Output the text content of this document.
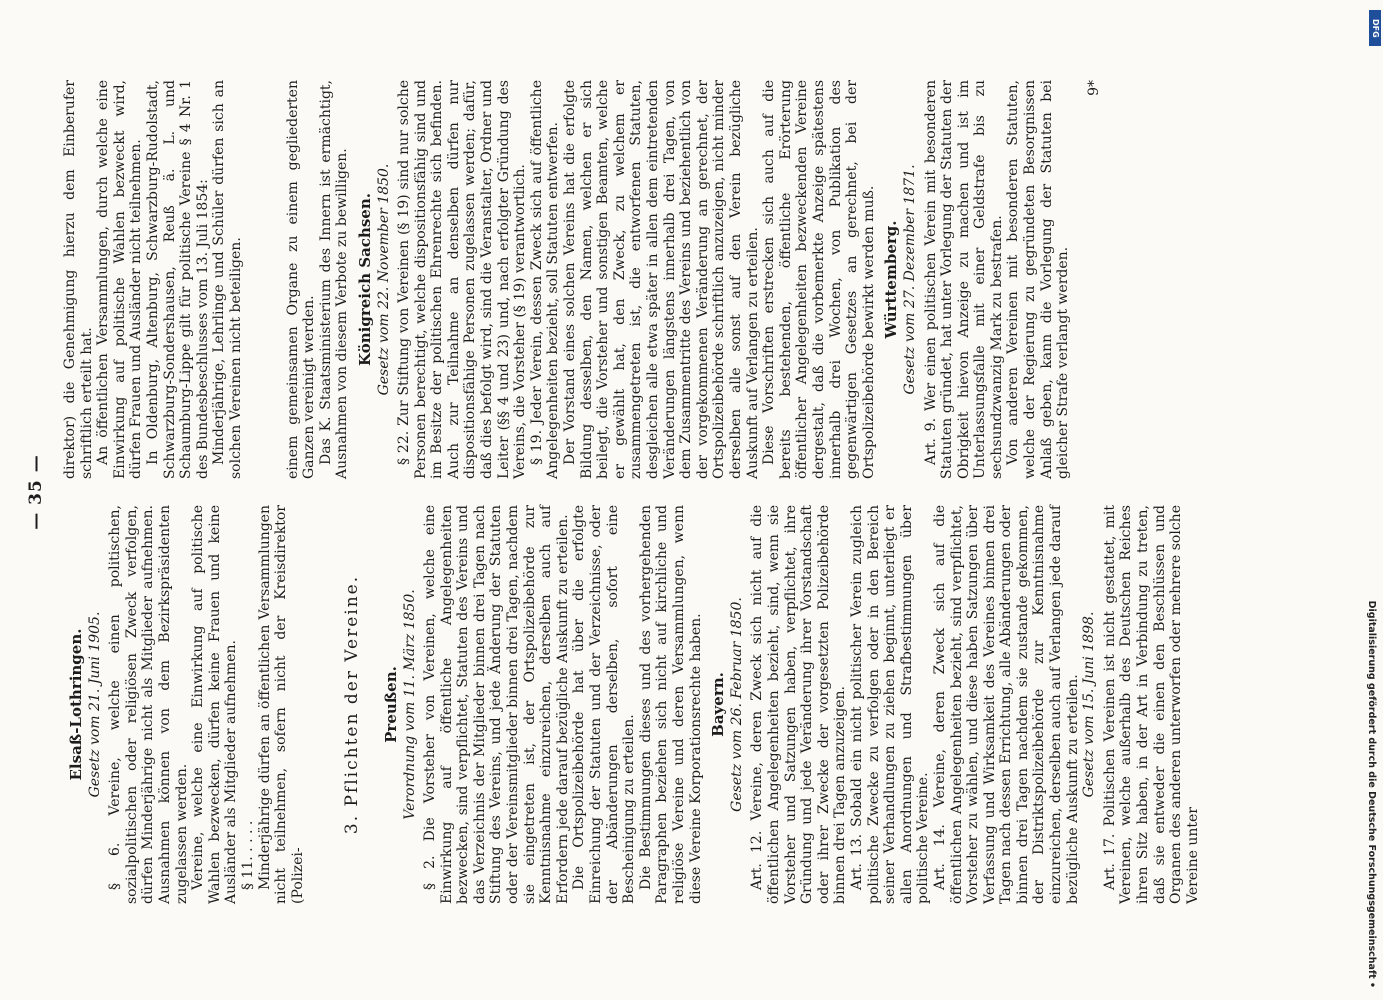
— 35 —
Elsaß-Lothringen. Gesetz vom 21. Juni 1905. § 6. Vereine, welche einen politischen, sozialpolitischen oder religiösen Zweck verfolgen, dürfen Minderjährige nicht als Mitglieder aufnehmen. Ausnahmen können von dem Bezirkspräsidenten zugelassen werden. Vereine, welche eine Einwirkung auf politische Wahlen bezwecken, dürfen keine Frauen und keine Ausländer als Mitglieder aufnehmen. § 11. . . . . Minderjährige dürfen an öffentlichen Versammlungen nicht teilnehmen, sofern nicht der Kreisdirektor (Polizei-

3. Pflichten der Vereine. Preußen. Verordnung vom 11. März 1850. § 2. Die Vorsteher von Vereinen, welche eine Einwirkung auf öffentliche Angelegenheiten bezwecken, sind verpflichtet, Statuten des Vereins und das Verzeichnis der Mitglieder binnen drei Tagen nach Stiftung des Vereins, und jede Änderung der Statuten oder der Vereinsmitglieder binnen drei Tagen, nachdem sie eingetreten ist, der Ortspolizeibehörde zur Kenntnisnahme einzureichen, derselben auch auf Erfordern jede darauf bezügliche Auskunft zu erteilen. Die Ortspolizeibehörde hat über die erfolgte Einreichung der Statuten und der Verzeichnisse, oder der Abänderungen derselben, sofort eine Bescheinigung zu erteilen. Die Bestimmungen dieses und des vorhergehenden Paragraphen beziehen sich nicht auf kirchliche und religiöse Vereine und deren Versammlungen, wenn diese Vereine Korporationsrechte haben. Bayern. Gesetz vom 26. Februar 1850. Art. 12. Vereine, deren Zweck sich nicht auf die öffentlichen Angelegenheiten bezieht, sind, wenn sie Vorsteher und Satzungen haben, verpflichtet, ihre Gründung und jede Veränderung ihrer Vorstandschaft oder ihrer Zwecke der vorgesetzten Polizeibehörde binnen drei Tagen anzuzeigen. Art. 13. Sobald ein nicht politischer Verein zugleich politische Zwecke zu verfolgen oder in den Bereich seiner Verhandlungen zu ziehen beginnt, unterliegt er allen Anordnungen und Strafbestimmungen über politische Vereine. Art. 14. Vereine, deren Zweck sich auf die öffentlichen Angelegenheiten bezieht, sind verpflichtet, Vorsteher zu wählen, und diese haben Satzungen über Verfassung und Wirksamkeit des Vereines binnen drei Tagen nach dessen Errichtung, alle Abänderungen oder binnen drei Tagen nachdem sie zustande gekommen, der Distriktspolizeibehörde zur Kenntnisnahme einzureichen, derselben auch auf Verlangen jede darauf bezügliche Auskunft zu erteilen. Gesetz vom 15. Juni 1898. Art. 17. Politischen Vereinen ist nicht gestattet, mit Vereinen, welche außerhalb des Deutschen Reiches ihren Sitz haben, in der Art in Verbindung zu treten, daß sie entweder die einen den Beschlüssen und Organen des anderen unterworfen oder mehrere solche Vereine unter

direktor) die Genehmigung hierzu dem Einberufer schriftlich erteilt hat. An öffentlichen Versammlungen, durch welche eine Einwirkung auf politische Wahlen bezweckt wird, dürfen Frauen und Ausländer nicht teilnehmen. In Oldenburg, Altenburg, Schwarzburg-Rudolstadt, Schwarzburg-Sondershausen, Reuß ä. L. und Schaumburg-Lippe gilt für politische Vereine § 4 Nr. 1 des Bundesbeschlusses vom 13. Juli 1854: Minderjährige, Lehrlinge und Schüler dürfen sich an solchen Vereinen nicht beteiligen.	einem gemeinsamen Organe zu einem gegliederten Ganzen vereinigt werden. Das K. Staatsministerium des Innern ist ermächtigt, Ausnahmen von diesem Verbote zu bewilligen. Königreich Sachsen. Gesetz vom 22. November 1850. § 22. Zur Stiftung von Vereinen (§ 19) sind nur solche Personen berechtigt, welche dispositionsfähig sind und im Besitze der politischen Ehrenrechte sich befinden. Auch zur Teilnahme an denselben dürfen nur dispositionsfähige Personen zugelassen werden; dafür, daß dies befolgt wird, sind die Veranstalter, Ordner und Leiter (§§ 4 und 23) und, nach erfolgter Gründung des Vereins, die Vorsteher (§ 19) verantwortlich. § 19. Jeder Verein, dessen Zweck sich auf öffentliche Angelegenheiten bezieht, soll Statuten entwerfen. Der Vorstand eines solchen Vereins hat die erfolgte Bildung desselben, den Namen, welchen er sich beilegt, die Vorsteher und sonstigen Beamten, welche er gewählt hat, den Zweck, zu welchem er zusammengetreten ist, die entworfenen Statuten, desgleichen alle etwa später in allen dem eintretenden Veränderungen längstens innerhalb drei Tagen, von dem Zusammentritte des Vereins und beziehentlich von der vorgekommenen Veränderung an gerechnet, der Ortspolizeibehörde schriftlich anzuzeigen, nicht minder derselben alle sonst auf den Verein bezügliche Auskunft auf Verlangen zu erteilen. Diese Vorschriften erstrecken sich auch auf die bereits bestehenden, öffentliche Erörterung öffentlicher Angelegenheiten bezweckenden Vereine dergestalt, daß die vorbemerkte Anzeige spätestens innerhalb drei Wochen, von Publikation des gegenwärtigen Gesetzes an gerechnet, bei der Ortspolizeibehörde bewirkt werden muß. Württemberg. Gesetz vom 27. Dezember 1871. Art. 9. Wer einen politischen Verein mit besonderen Statuten gründet, hat unter Vorlegung der Statuten der Obrigkeit hievon Anzeige zu machen und ist im Unterlassungsfalle mit einer Geldstrafe bis zu sechsundzwanzig Mark zu bestrafen. Von anderen Vereinen mit besonderen Statuten, welche der Regierung zu gegründeten Besorgnissen Anlaß geben, kann die Vorlegung der Statuten bei gleicher Strafe verlangt werden.

9*
Digitalisierung gefördert durch die Deutsche Forschungsgemeinschaft •
DFG
